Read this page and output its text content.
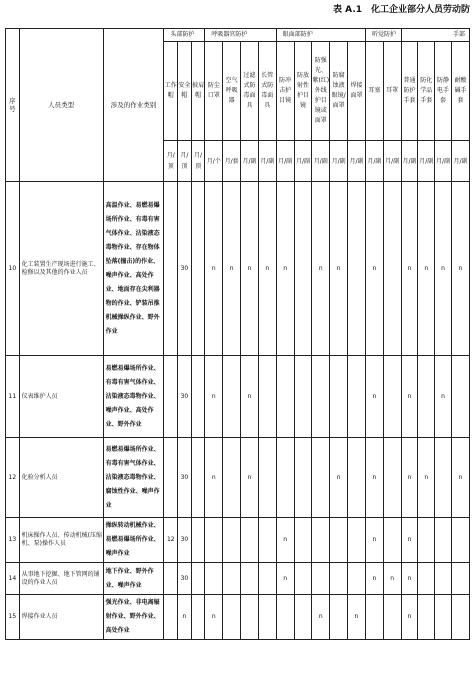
表 A.1　化工企业部分人员劳动防
序号	人员类型	涉及的作业类别	头部防护			呼吸器官防护				眼面部防护					听觉防护		手部			
			工作帽	安全帽	披肩帽	防尘口罩	空气呼吸器	过滤式防毒面具	长管式防毒面具	防冲击护目镜	防放射性护目镜	防强光、紫(红)外线护目镜或面罩	防腐蚀液眼镜/面罩	焊接面罩	耳塞	耳罩	普通防护手套	防化学品手套	防静电手套	耐酸碱手套
			月/顶	月/顶	月/顶	月/个	月/套	月/副	月/副	月/副	月/副	月/副	月/副	月/副	月/副	月/副	月/副	月/副	月/副	月/副
10	化工装置生产现场进行施工、检修以及其他的作业人员	高温作业、易燃易爆场所作业、有毒有害气体作业、沾染液态毒物作业、存在物体坠落(撞击)的作业、噪声作业、高处作业、地面存在尖利器物的作业、铲装吊推机械操纵作业、野外作业		30		n	n	n	n	n		n	n		n		n	n	n	n
11	仪表维护人员	易燃易爆场所作业、有毒有害气体作业、沾染液态毒物作业、噪声作业、高处作业、野外作业		30		n		n							n		n		n	
12	化验分析人员	易燃易爆场所作业、有毒有害气体作业、沾染液态毒物作业、腐蚀性作业、噪声作业		30		n		n					n		n		n	n		n
13	机床操作人员、传动机械(压缩机、泵)操作人员	操纵转动机械作业、易燃易爆场所作业、噪声作业	12	30						n					n		n			
14	从事地下挖掘、地下管网的铺设的作业人员	地下作业、野外作业、噪声作业		30						n					n	n	n			
15	焊接作业人员	强光作业、非电离辐射作业、野外作业、高处作业		n		n						n		n			n			
